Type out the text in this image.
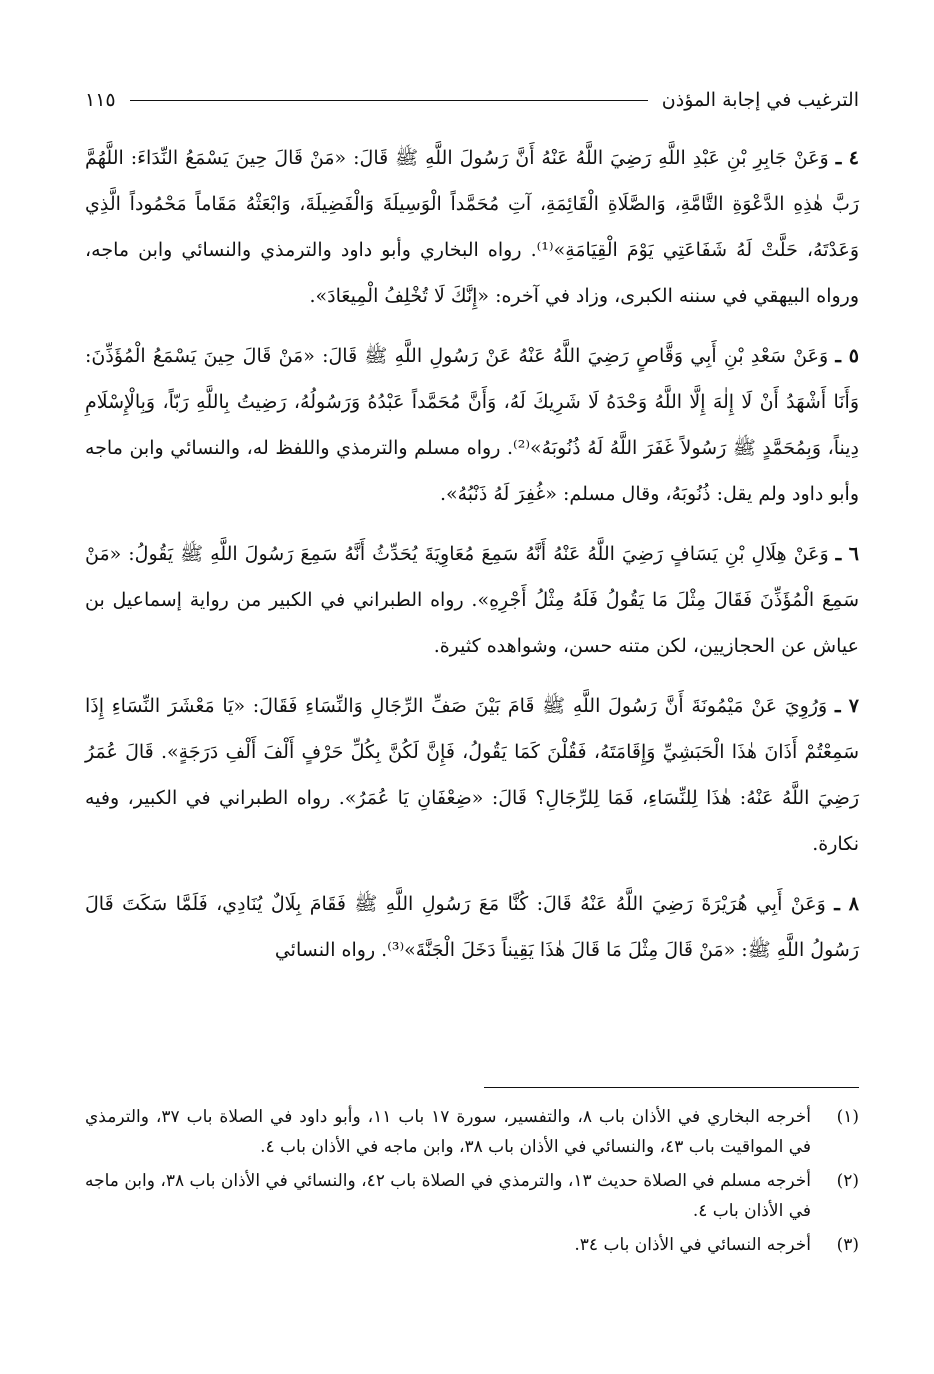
الترغيب في إجابة المؤذن
١١٥

٤ ـ وَعَنْ جَابِرِ بْنِ عَبْدِ اللَّهِ رَضِيَ اللَّهُ عَنْهُ أَنَّ رَسُولَ اللَّهِ ﷺ قَالَ: «مَنْ قَالَ حِينَ يَسْمَعُ النِّدَاءَ: اللَّهُمَّ رَبَّ هٰذِهِ الدَّعْوَةِ التَّامَّةِ، وَالصَّلَاةِ الْقَائِمَةِ، آتِ مُحَمَّداً الْوَسِيلَةَ وَالْفَضِيلَةَ، وَابْعَثْهُ مَقَاماً مَحْمُوداً الَّذِي وَعَدْتَهُ، حَلَّتْ لَهُ شَفَاعَتِي يَوْمَ الْقِيَامَةِ»⁽¹⁾. رواه البخاري وأبو داود والترمذي والنسائي وابن ماجه، ورواه البيهقي في سننه الكبرى، وزاد في آخره: «إِنَّكَ لَا تُخْلِفُ الْمِيعَادَ».

٥ ـ وَعَنْ سَعْدِ بْنِ أَبِي وَقَّاصٍ رَضِيَ اللَّهُ عَنْهُ عَنْ رَسُولِ اللَّهِ ﷺ قَالَ: «مَنْ قَالَ حِينَ يَسْمَعُ الْمُؤَذِّنَ: وَأَنَا أَشْهَدُ أَنْ لَا إِلٰهَ إِلَّا اللَّهُ وَحْدَهُ لَا شَرِيكَ لَهُ، وَأَنَّ مُحَمَّداً عَبْدُهُ وَرَسُولُهُ، رَضِيتُ بِاللَّهِ رَبّاً، وَبِالْإِسْلَامِ دِيناً، وَبِمُحَمَّدٍ ﷺ رَسُولاً غَفَرَ اللَّهُ لَهُ ذُنُوبَهُ»⁽²⁾. رواه مسلم والترمذي واللفظ له، والنسائي وابن ماجه وأبو داود ولم يقل: ذُنُوبَهُ، وقال مسلم: «غُفِرَ لَهُ ذَنْبُهُ».

٦ ـ وَعَنْ هِلَالِ بْنِ يَسَافٍ رَضِيَ اللَّهُ عَنْهُ أَنَّهُ سَمِعَ مُعَاوِيَةَ يُحَدِّثُ أَنَّهُ سَمِعَ رَسُولَ اللَّهِ ﷺ يَقُولُ: «مَنْ سَمِعَ الْمُؤَذِّنَ فَقَالَ مِثْلَ مَا يَقُولُ فَلَهُ مِثْلُ أَجْرِهِ». رواه الطبراني في الكبير من رواية إسماعيل بن عياش عن الحجازيين، لكن متنه حسن، وشواهده كثيرة.

٧ ـ وَرُوِيَ عَنْ مَيْمُونَةَ أَنَّ رَسُولَ اللَّهِ ﷺ قَامَ بَيْنَ صَفِّ الرِّجَالِ وَالنِّسَاءِ فَقَالَ: «يَا مَعْشَرَ النِّسَاءِ إِذَا سَمِعْتُمْ أَذَانَ هٰذَا الْحَبَشِيِّ وَإِقَامَتَهُ، فَقُلْنَ كَمَا يَقُولُ، فَإِنَّ لَكُنَّ بِكُلِّ حَرْفٍ أَلْفَ أَلْفِ دَرَجَةٍ». قَالَ عُمَرُ رَضِيَ اللَّهُ عَنْهُ: هٰذَا لِلنِّسَاءِ، فَمَا لِلرِّجَالِ؟ قَالَ: «ضِعْفَانِ يَا عُمَرُ». رواه الطبراني في الكبير، وفيه نكارة.

٨ ـ وَعَنْ أَبِي هُرَيْرَةَ رَضِيَ اللَّهُ عَنْهُ قَالَ: كُنَّا مَعَ رَسُولِ اللَّهِ ﷺ فَقَامَ بِلَالٌ يُنَادِي، فَلَمَّا سَكَتَ قَالَ رَسُولُ اللَّهِ ﷺ: «مَنْ قَالَ مِثْلَ مَا قَالَ هٰذَا يَقِيناً دَخَلَ الْجَنَّةَ»⁽³⁾. رواه النسائي

(١)
أخرجه البخاري في الأذان باب ٨، والتفسير، سورة ١٧ باب ١١، وأبو داود في الصلاة باب ٣٧، والترمذي في المواقيت باب ٤٣، والنسائي في الأذان باب ٣٨، وابن ماجه في الأذان باب ٤.
(٢)
أخرجه مسلم في الصلاة حديث ١٣، والترمذي في الصلاة باب ٤٢، والنسائي في الأذان باب ٣٨، وابن ماجه في الأذان باب ٤.
(٣)
أخرجه النسائي في الأذان باب ٣٤.
